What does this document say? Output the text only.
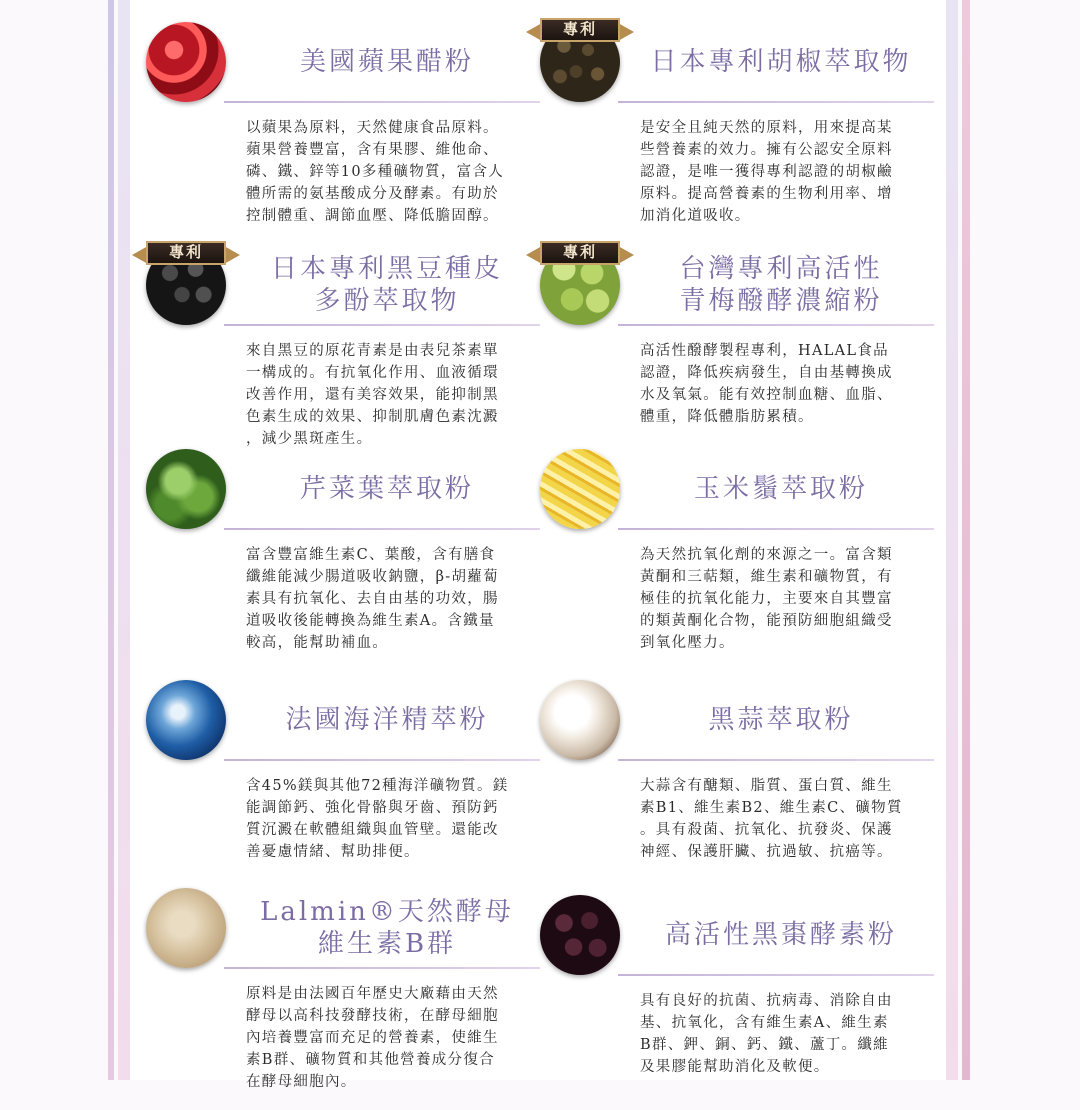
美國蘋果醋粉

以蘋果為原料，天然健康食品原料。
蘋果營養豐富，含有果膠、維他命、
磷、鐵、鋅等10多種礦物質，富含人
體所需的氨基酸成分及酵素。有助於
控制體重、調節血壓、降低膽固醇。

專利
日本專利胡椒萃取物

是安全且純天然的原料，用來提高某
些營養素的效力。擁有公認安全原料
認證，是唯一獲得專利認證的胡椒鹼
原料。提高營養素的生物利用率、增
加消化道吸收。

專利
日本專利黑豆種皮
多酚萃取物

來自黑豆的原花青素是由表兒茶素單
一構成的。有抗氧化作用、血液循環
改善作用，還有美容效果，能抑制黑
色素生成的效果、抑制肌膚色素沈澱
，減少黑斑產生。

專利
台灣專利高活性
青梅醱酵濃縮粉

高活性醱酵製程專利，HALAL食品
認證，降低疾病發生，自由基轉換成
水及氧氣。能有效控制血糖、血脂、
體重，降低體脂肪累積。

芹菜葉萃取粉

富含豐富維生素C、葉酸，含有膳食
纖維能減少腸道吸收鈉鹽，β-胡蘿蔔
素具有抗氧化、去自由基的功效，腸
道吸收後能轉換為維生素A。含鐵量
較高，能幫助補血。

玉米鬚萃取粉

為天然抗氧化劑的來源之一。富含類
黃酮和三萜類，維生素和礦物質，有
極佳的抗氧化能力，主要來自其豐富
的類黃酮化合物，能預防細胞組織受
到氧化壓力。

法國海洋精萃粉

含45%鎂與其他72種海洋礦物質。鎂
能調節鈣、強化骨骼與牙齒、預防鈣
質沉澱在軟體組織與血管壁。還能改
善憂慮情緒、幫助排便。

黑蒜萃取粉

大蒜含有醣類、脂質、蛋白質、維生
素B1、維生素B2、維生素C、礦物質
。具有殺菌、抗氧化、抗發炎、保護
神經、保護肝臟、抗過敏、抗癌等。

Lalmin®天然酵母
維生素B群

原料是由法國百年歷史大廠藉由天然
酵母以高科技發酵技術，在酵母細胞
內培養豐富而充足的營養素，使維生
素B群、礦物質和其他營養成分復合
在酵母細胞內。

高活性黑棗酵素粉

具有良好的抗菌、抗病毒、消除自由
基、抗氧化，含有維生素A、維生素
B群、鉀、銅、鈣、鐵、蘆丁。纖維
及果膠能幫助消化及軟便。
